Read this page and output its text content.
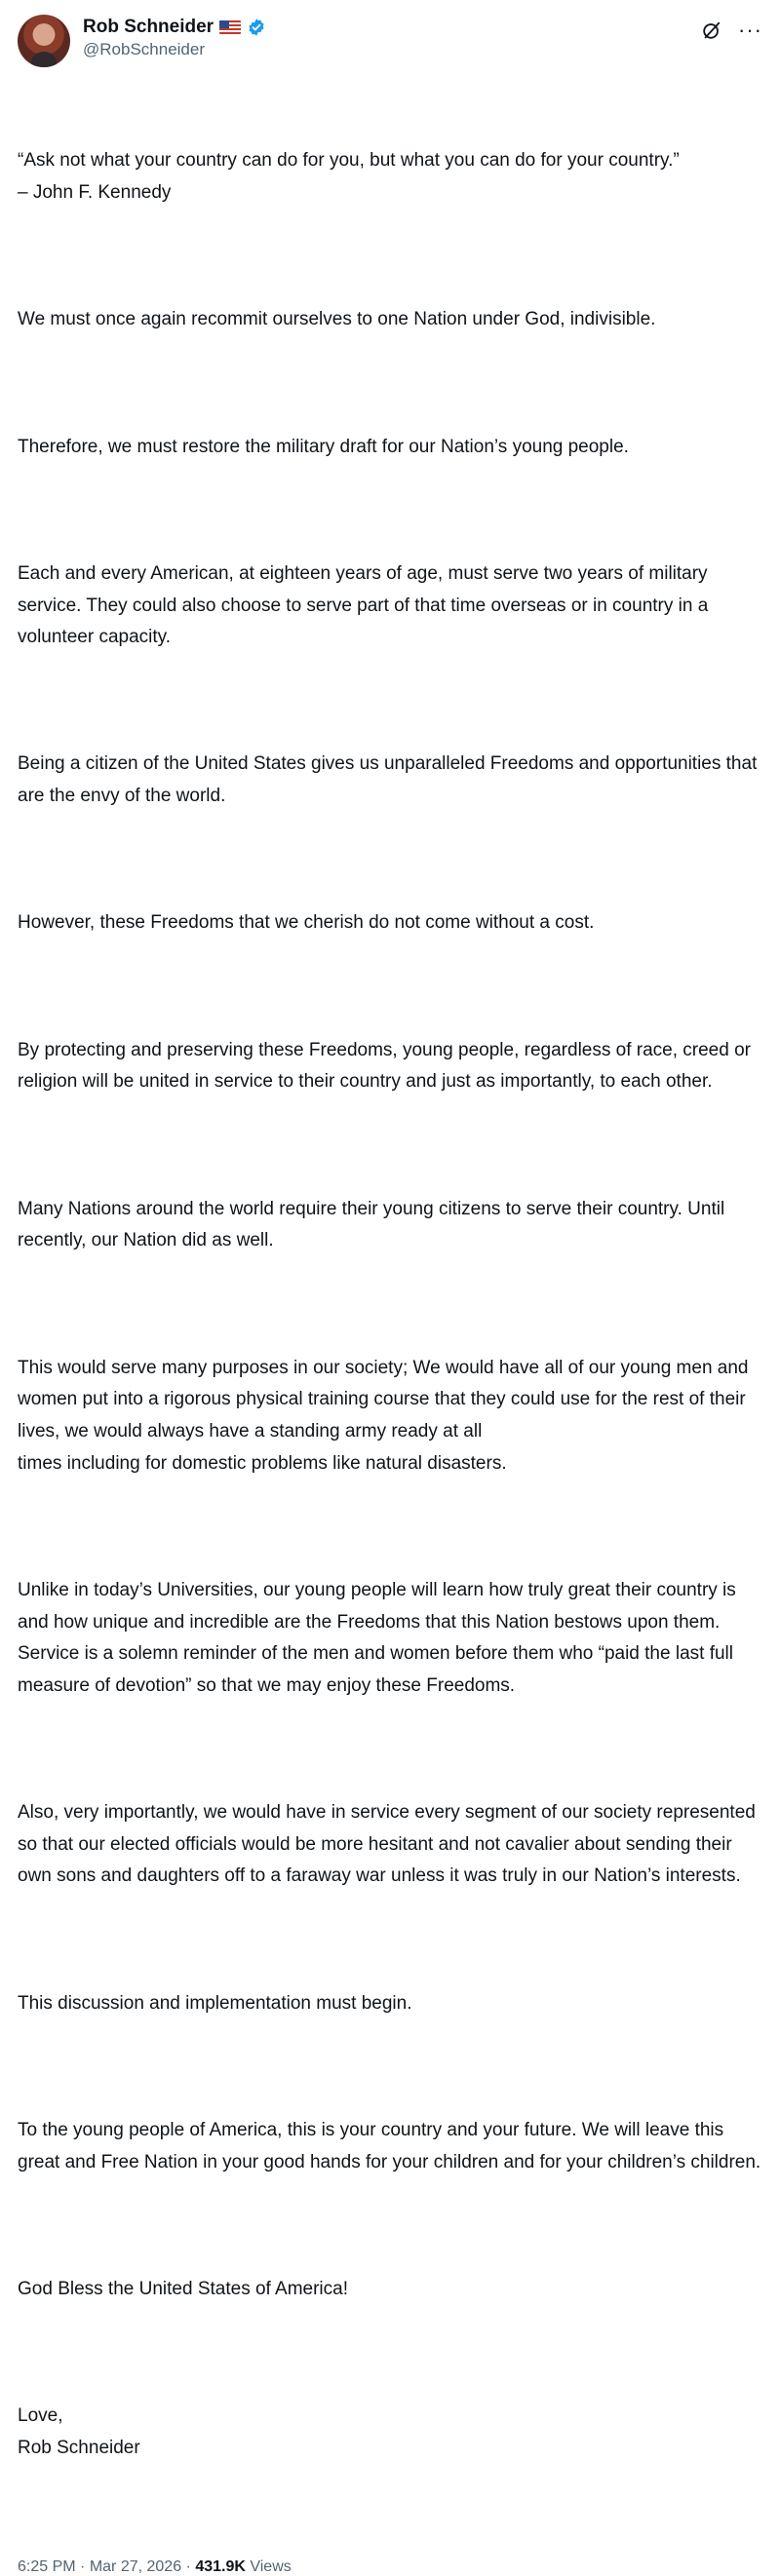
Rob Schneider
@RobSchneider
···

“Ask not what your country can do for you, but what you can do for your country.”
– John F. Kennedy

We must once again recommit ourselves to one Nation under God, indivisible.

Therefore, we must restore the military draft for our Nation’s young people.

Each and every American, at eighteen years of age, must serve two years of military service. They could also choose to serve part of that time overseas or in country in a volunteer capacity.

Being a citizen of the United States gives us unparalleled Freedoms and opportunities that are the envy of the world.

However, these Freedoms that we cherish do not come without a cost.

By protecting and preserving these Freedoms, young people, regardless of race, creed or religion will be united in service to their country and just as importantly, to each other.

Many Nations around the world require their young citizens to serve their country. Until recently, our Nation did as well.

This would serve many purposes in our society; We would have all of our young men and women put into a rigorous physical training course that they could use for the rest of their lives, we would always have a standing army ready at all
times including for domestic problems like natural disasters.

Unlike in today’s Universities, our young people will learn how truly great their country is and how unique and incredible are the Freedoms that this Nation bestows upon them. Service is a solemn reminder of the men and women before them who “paid the last full measure of devotion” so that we may enjoy these Freedoms.

Also, very importantly, we would have in service every segment of our society represented so that our elected officials would be more hesitant and not cavalier about sending their own sons and daughters off to a faraway war unless it was truly in our Nation’s interests.

This discussion and implementation must begin.

To the young people of America, this is your country and your future. We will leave this great and Free Nation in your good hands for your children and for your children’s children.

God Bless the United States of America!

Love,
Rob Schneider

6:25 PM · Mar 27, 2026 · 431.9K Views
